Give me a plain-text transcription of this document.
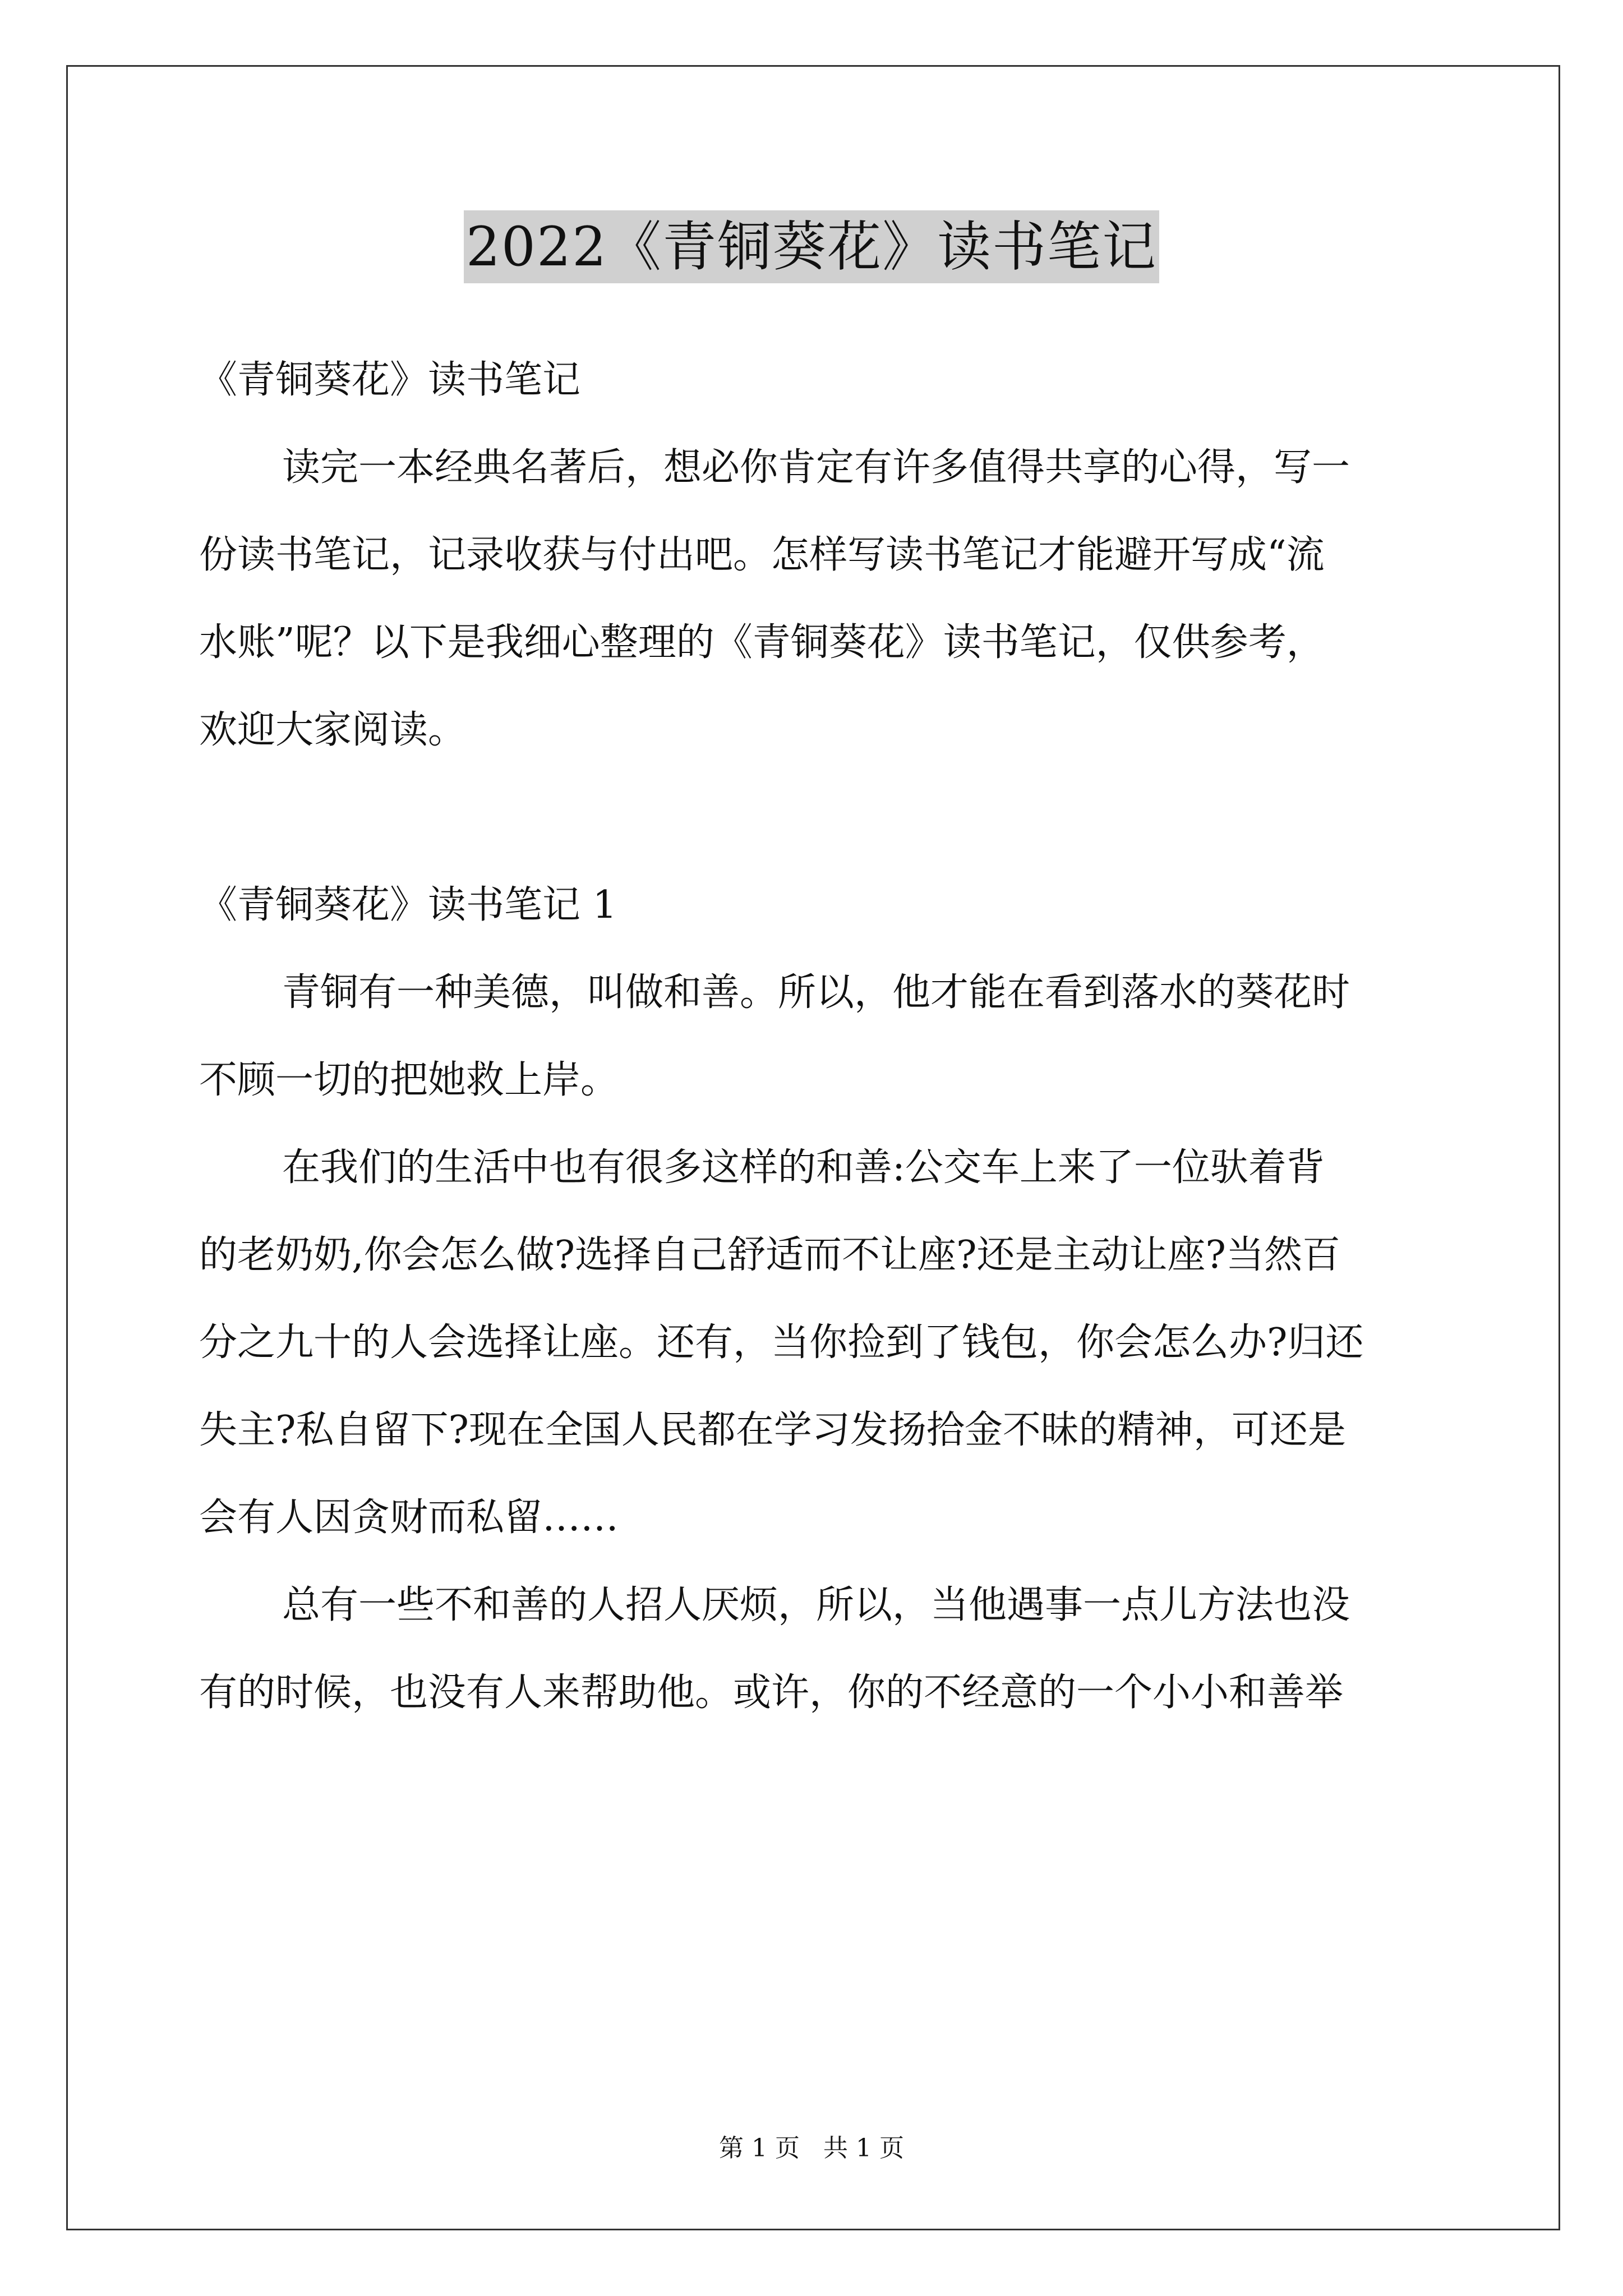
2022《青铜葵花》读书笔记
《青铜葵花》读书笔记
读完一本经典名著后，想必你肯定有许多值得共享的心得，写一
份读书笔记，记录收获与付出吧。怎样写读书笔记才能避开写成“流
水账”呢？以下是我细心整理的《青铜葵花》读书笔记，仅供参考，
欢迎大家阅读。
《青铜葵花》读书笔记 1
青铜有一种美德，叫做和善。所以，他才能在看到落水的葵花时
不顾一切的把她救上岸。
在我们的生活中也有很多这样的和善:公交车上来了一位驮着背
的老奶奶,你会怎么做?选择自己舒适而不让座?还是主动让座?当然百
分之九十的人会选择让座。还有，当你捡到了钱包，你会怎么办?归还
失主?私自留下?现在全国人民都在学习发扬拾金不昧的精神，可还是
会有人因贪财而私留……
总有一些不和善的人招人厌烦，所以，当他遇事一点儿方法也没
有的时候，也没有人来帮助他。或许，你的不经意的一个小小和善举
第 1 页   共 1 页
